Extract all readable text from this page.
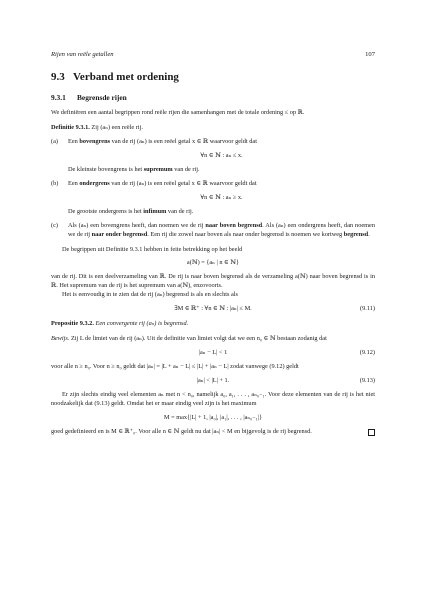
Rijen van reële getallen	107
9.3 Verband met ordening
9.3.1 Begrensde rijen

We definiëren een aantal begrippen rond reële rijen die samenhangen met de totale ordening ≤ op ℝ.

Definitie 9.3.1. Zij (aₙ) een reële rij.

(a) Een bovengrens van de rij (aₙ) is een reëel getal x ∈ ℝ waarvoor geldt dat
∀n ∈ ℕ : aₙ ≤ x.
De kleinste bovengrens is het supremum van de rij.
(b) Een ondergrens van de rij (aₙ) is een reëel getal x ∈ ℝ waarvoor geldt dat
∀n ∈ ℕ : aₙ ≥ x.
De grootste ondergrens is het infimum van de rij.
(c) Als (aₙ) een bovengrens heeft, dan noemen we de rij naar boven begrensd. Als (aₙ) een ondergrens heeft, dan noemen we de rij naar onder begrensd. Een rij die zowel naar boven als naar onder begrensd is noemen we kortweg begrensd.

De begrippen uit Definitie 9.3.1 hebben in feite betrekking op het beeld

a(ℕ) = {aₙ | n ∈ ℕ}

van de rij. Dit is een deelverzameling van ℝ. De rij is naar boven begrensd als de verzameling a(ℕ) naar boven begrensd is in ℝ. Het supremum van de rij is het supremum van a(ℕ), enzovoorts.

Het is eenvoudig in te zien dat de rij (aₙ) begrensd is als en slechts als

∃M ∈ ℝ⁺ : ∀n ∈ ℕ : |aₙ| ≤ M.	(9.11)

Propositie 9.3.2. Een convergente rij (aₙ) is begrensd.

Bewijs. Zij L de limiet van de rij (aₙ). Uit de definitie van limiet volgt dat we een n₀ ∈ ℕ bestaan zodanig dat

|aₙ − L| < 1	(9.12)

voor alle n ≥ n₀. Voor n ≥ n₀ geldt dat |aₙ| = |L + aₙ − L| ≤ |L| + |aₙ − L| zodat vanwege (9.12) geldt

|aₙ| < |L| + 1.	(9.13)

Er zijn slechts eindig veel elementen aₙ met n < n₀, namelijk a₀, a₁, . . . , aₙ₀₋₁. Voor deze elementen van de rij is het niet noodzakelijk dat (9.13) geldt. Omdat het er maar eindig veel zijn is het maximum

M = max{|L| + 1, |a₀|, |a₁|, . . . , |aₙ₀₋₁|}

goed gedefinieerd en is M ∈ ℝ⁺₀. Voor alle n ∈ ℕ geldt nu dat |aₙ| < M en bijgevolg is de rij begrensd.
